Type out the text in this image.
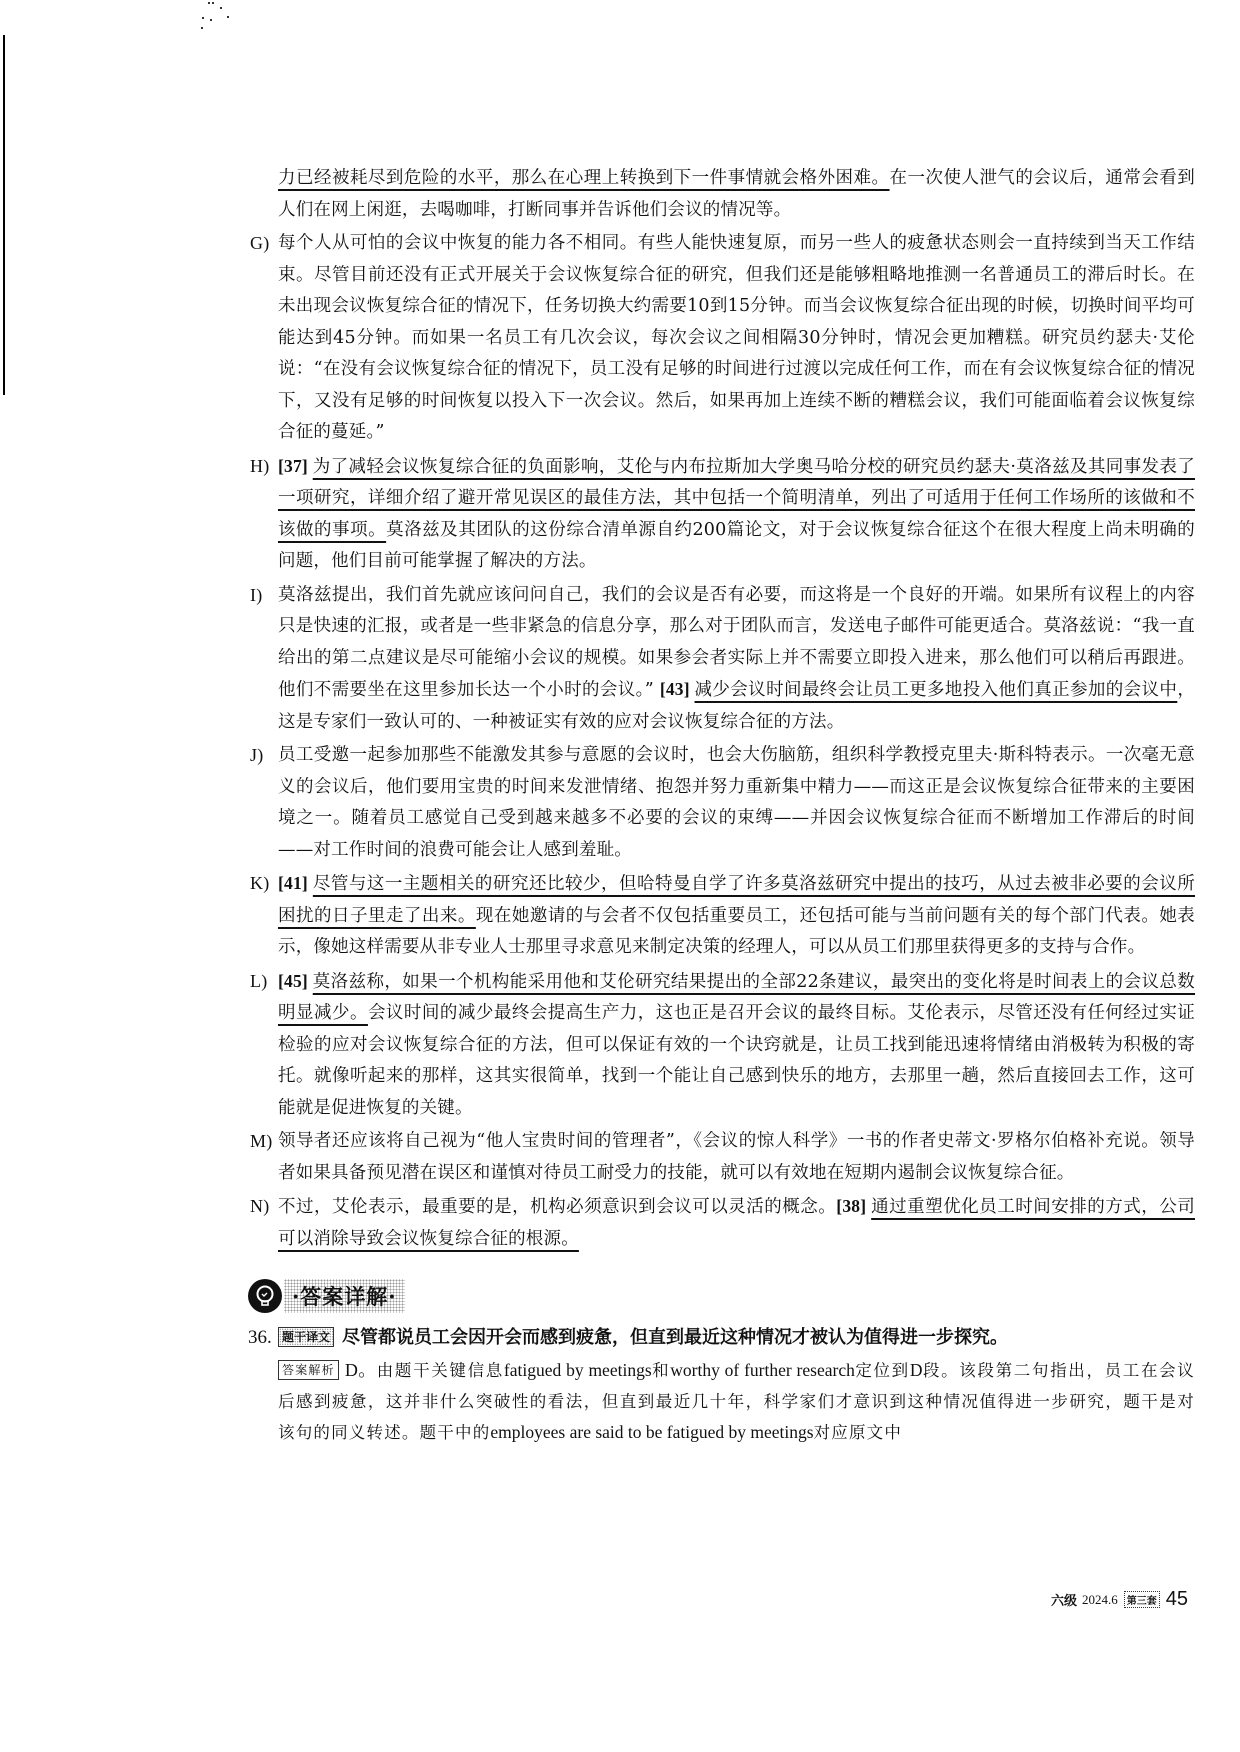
力已经被耗尽到危险的水平，那么在心理上转换到下一件事情就会格外困难。在一次使人泄气的会议后，通常会看到人们在网上闲逛，去喝咖啡，打断同事并告诉他们会议的情况等。

G) 每个人从可怕的会议中恢复的能力各不相同。有些人能快速复原，而另一些人的疲惫状态则会一直持续到当天工作结束。尽管目前还没有正式开展关于会议恢复综合征的研究，但我们还是能够粗略地推测一名普通员工的滞后时长。在未出现会议恢复综合征的情况下，任务切换大约需要10到15分钟。而当会议恢复综合征出现的时候，切换时间平均可能达到45分钟。而如果一名员工有几次会议，每次会议之间相隔30分钟时，情况会更加糟糕。研究员约瑟夫·艾伦说：“在没有会议恢复综合征的情况下，员工没有足够的时间进行过渡以完成任何工作，而在有会议恢复综合征的情况下，又没有足够的时间恢复以投入下一次会议。然后，如果再加上连续不断的糟糕会议，我们可能面临着会议恢复综合征的蔓延。”

H) [37] 为了减轻会议恢复综合征的负面影响，艾伦与内布拉斯加大学奥马哈分校的研究员约瑟夫·莫洛兹及其同事发表了一项研究，详细介绍了避开常见误区的最佳方法，其中包括一个简明清单，列出了可适用于任何工作场所的该做和不该做的事项。莫洛兹及其团队的这份综合清单源自约200篇论文，对于会议恢复综合征这个在很大程度上尚未明确的问题，他们目前可能掌握了解决的方法。

I) 莫洛兹提出，我们首先就应该问问自己，我们的会议是否有必要，而这将是一个良好的开端。如果所有议程上的内容只是快速的汇报，或者是一些非紧急的信息分享，那么对于团队而言，发送电子邮件可能更适合。莫洛兹说：“我一直给出的第二点建议是尽可能缩小会议的规模。如果参会者实际上并不需要立即投入进来，那么他们可以稍后再跟进。他们不需要坐在这里参加长达一个小时的会议。” [43] 减少会议时间最终会让员工更多地投入他们真正参加的会议中，这是专家们一致认可的、一种被证实有效的应对会议恢复综合征的方法。

J) 员工受邀一起参加那些不能激发其参与意愿的会议时，也会大伤脑筋，组织科学教授克里夫·斯科特表示。一次毫无意义的会议后，他们要用宝贵的时间来发泄情绪、抱怨并努力重新集中精力——而这正是会议恢复综合征带来的主要困境之一。随着员工感觉自己受到越来越多不必要的会议的束缚——并因会议恢复综合征而不断增加工作滞后的时间——对工作时间的浪费可能会让人感到羞耻。

K) [41] 尽管与这一主题相关的研究还比较少，但哈特曼自学了许多莫洛兹研究中提出的技巧，从过去被非必要的会议所困扰的日子里走了出来。现在她邀请的与会者不仅包括重要员工，还包括可能与当前问题有关的每个部门代表。她表示，像她这样需要从非专业人士那里寻求意见来制定决策的经理人，可以从员工们那里获得更多的支持与合作。

L) [45] 莫洛兹称，如果一个机构能采用他和艾伦研究结果提出的全部22条建议，最突出的变化将是时间表上的会议总数明显减少。会议时间的减少最终会提高生产力，这也正是召开会议的最终目标。艾伦表示，尽管还没有任何经过实证检验的应对会议恢复综合征的方法，但可以保证有效的一个诀窍就是，让员工找到能迅速将情绪由消极转为积极的寄托。就像听起来的那样，这其实很简单，找到一个能让自己感到快乐的地方，去那里一趟，然后直接回去工作，这可能就是促进恢复的关键。

M) 领导者还应该将自己视为“他人宝贵时间的管理者”，《会议的惊人科学》一书的作者史蒂文·罗格尔伯格补充说。领导者如果具备预见潜在误区和谨慎对待员工耐受力的技能，就可以有效地在短期内遏制会议恢复综合征。

N) 不过，艾伦表示，最重要的是，机构必须意识到会议可以灵活的概念。[38] 通过重塑优化员工时间安排的方式，公司可以消除导致会议恢复综合征的根源。

·答案详解·
36. 题干译文 尽管都说员工会因开会而感到疲惫，但直到最近这种情况才被认为值得进一步探究。
答案解析 D。由题干关键信息fatigued by meetings和worthy of further research定位到D段。该段第二句指出，员工在会议后感到疲惫，这并非什么突破性的看法，但直到最近几十年，科学家们才意识到这种情况值得进一步研究，题干是对该句的同义转述。题干中的employees are said to be fatigued by meetings对应原文中
六级 2024.6 第三套 45
